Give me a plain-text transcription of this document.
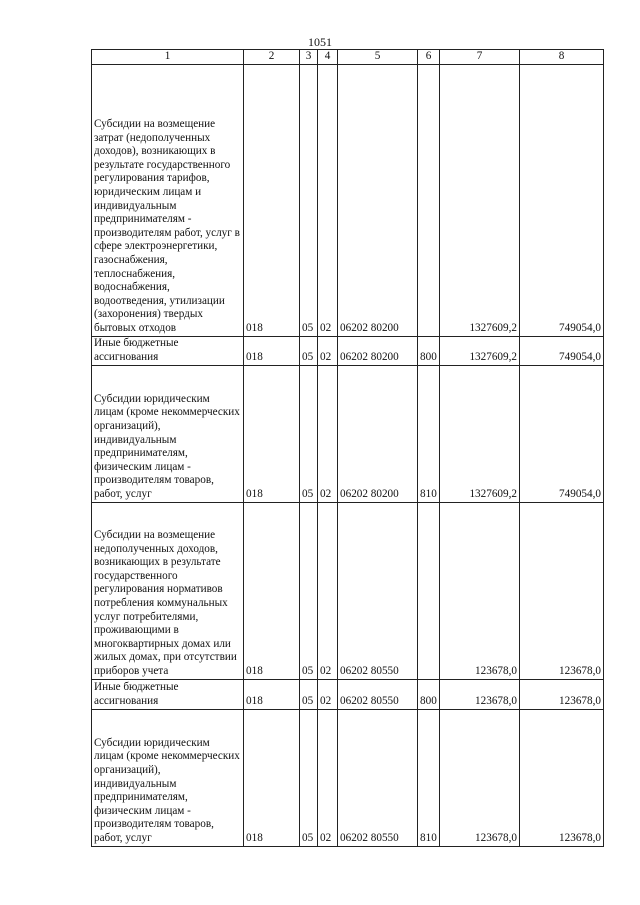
1051
1	2	3	4	5	6	7	8
Субсидии на возмещение затрат (недополученных доходов), возникающих в результате государственного регулирования тарифов, юридическим лицам и индивидуальным предпринимателям - производителям работ, услуг в сфере электроэнергетики, газоснабжения, теплоснабжения, водоснабжения, водоотведения, утилизации (захоронения) твердых бытовых отходов	018	05	02	06202 80200		1327609,2	749054,0
Иные бюджетные ассигнования	018	05	02	06202 80200	800	1327609,2	749054,0
Субсидии юридическим лицам (кроме некоммерческих организаций), индивидуальным предпринимателям, физическим лицам - производителям товаров, работ, услуг	018	05	02	06202 80200	810	1327609,2	749054,0
Субсидии на возмещение недополученных доходов, возникающих в результате государственного регулирования нормативов потребления коммунальных услуг потребителями, проживающими в многоквартирных домах или жилых домах, при отсутствии приборов учета	018	05	02	06202 80550		123678,0	123678,0
Иные бюджетные ассигнования	018	05	02	06202 80550	800	123678,0	123678,0
Субсидии юридическим лицам (кроме некоммерческих организаций), индивидуальным предпринимателям, физическим лицам - производителям товаров, работ, услуг	018	05	02	06202 80550	810	123678,0	123678,0
